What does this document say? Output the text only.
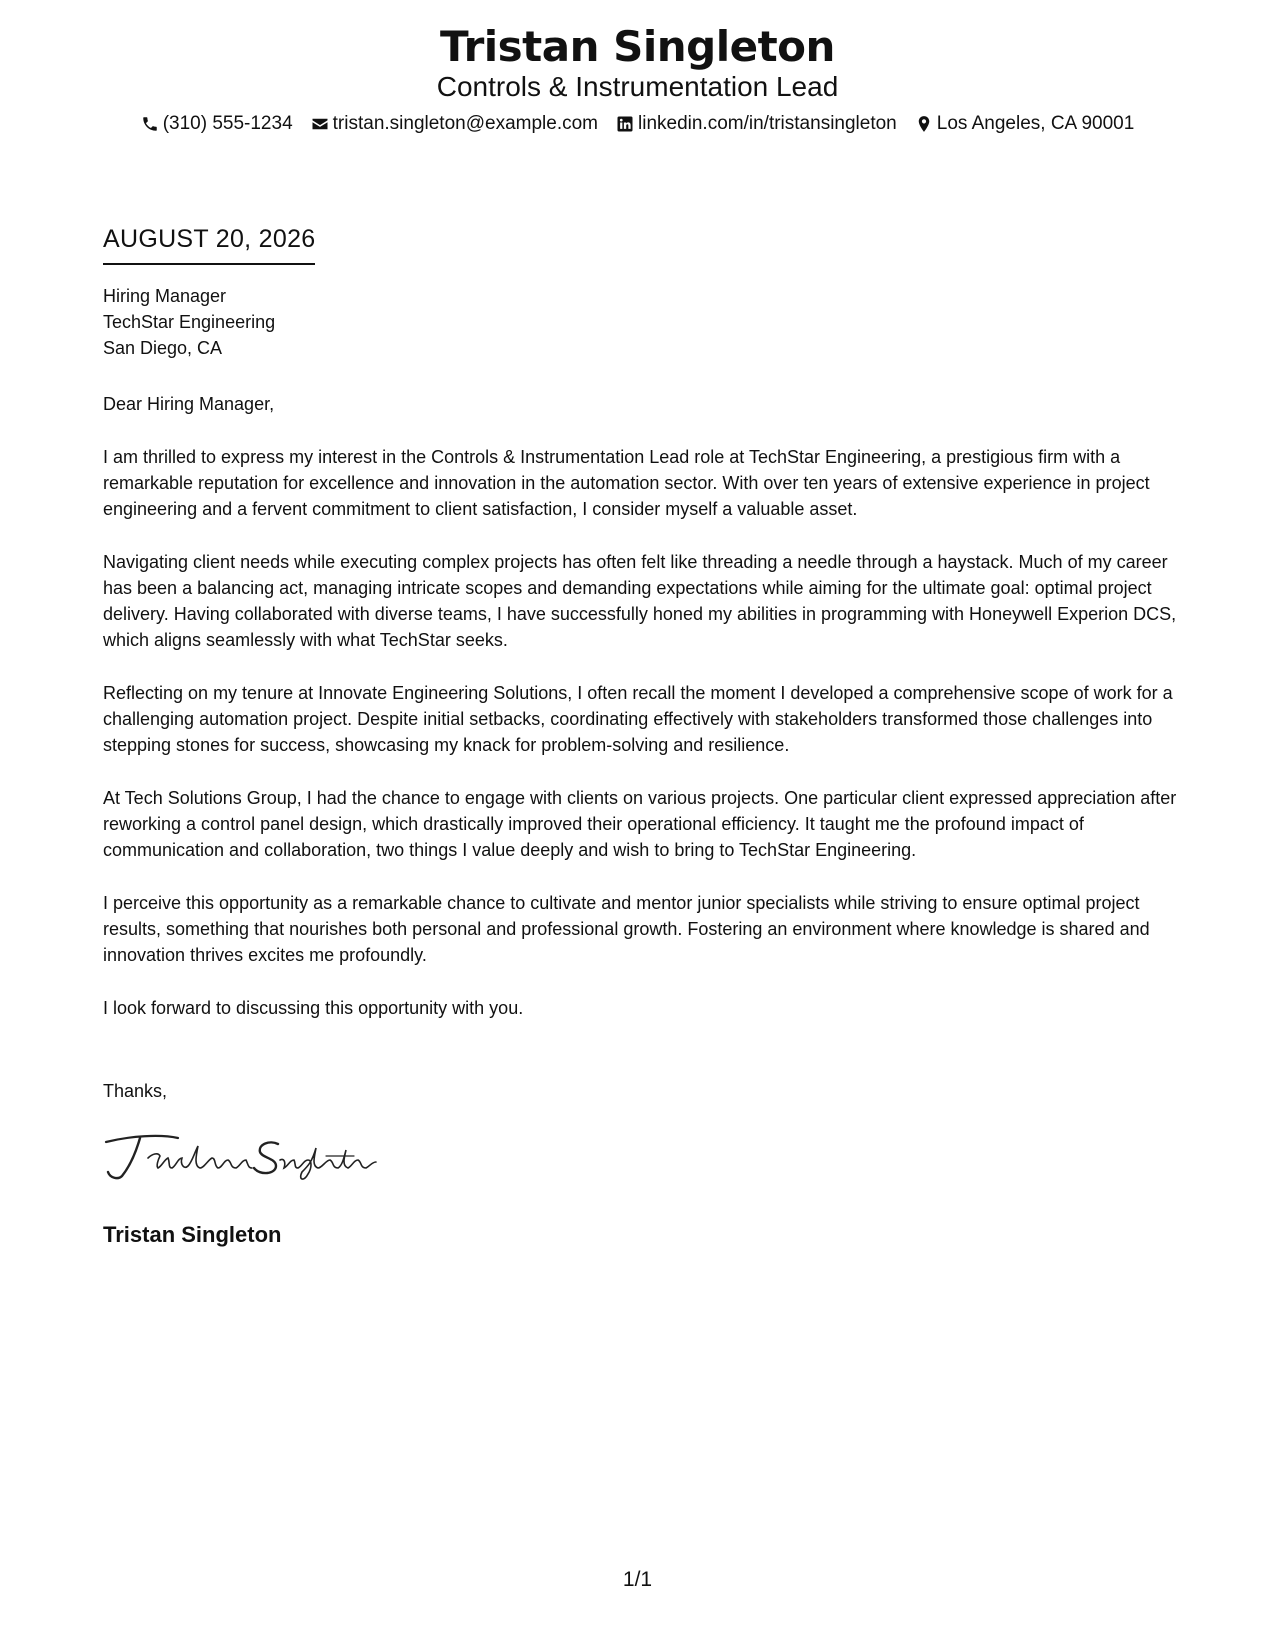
Tristan Singleton
Controls & Instrumentation Lead
(310) 555-1234 tristan.singleton@example.com linkedin.com/in/tristansingleton Los Angeles, CA 90001
AUGUST 20, 2026
Hiring Manager
TechStar Engineering
San Diego, CA

Dear Hiring Manager,

I am thrilled to express my interest in the Controls & Instrumentation Lead role at TechStar Engineering, a prestigious firm with a remarkable reputation for excellence and innovation in the automation sector. With over ten years of extensive experience in project engineering and a fervent commitment to client satisfaction, I consider myself a valuable asset.

Navigating client needs while executing complex projects has often felt like threading a needle through a haystack. Much of my career has been a balancing act, managing intricate scopes and demanding expectations while aiming for the ultimate goal: optimal project delivery. Having collaborated with diverse teams, I have successfully honed my abilities in programming with Honeywell Experion DCS, which aligns seamlessly with what TechStar seeks.

Reflecting on my tenure at Innovate Engineering Solutions, I often recall the moment I developed a comprehensive scope of work for a challenging automation project. Despite initial setbacks, coordinating effectively with stakeholders transformed those challenges into stepping stones for success, showcasing my knack for problem-solving and resilience.

At Tech Solutions Group, I had the chance to engage with clients on various projects. One particular client expressed appreciation after reworking a control panel design, which drastically improved their operational efficiency. It taught me the profound impact of communication and collaboration, two things I value deeply and wish to bring to TechStar Engineering.

I perceive this opportunity as a remarkable chance to cultivate and mentor junior specialists while striving to ensure optimal project results, something that nourishes both personal and professional growth. Fostering an environment where knowledge is shared and innovation thrives excites me profoundly.

I look forward to discussing this opportunity with you.

Thanks,
Tristan Singleton
1/1
